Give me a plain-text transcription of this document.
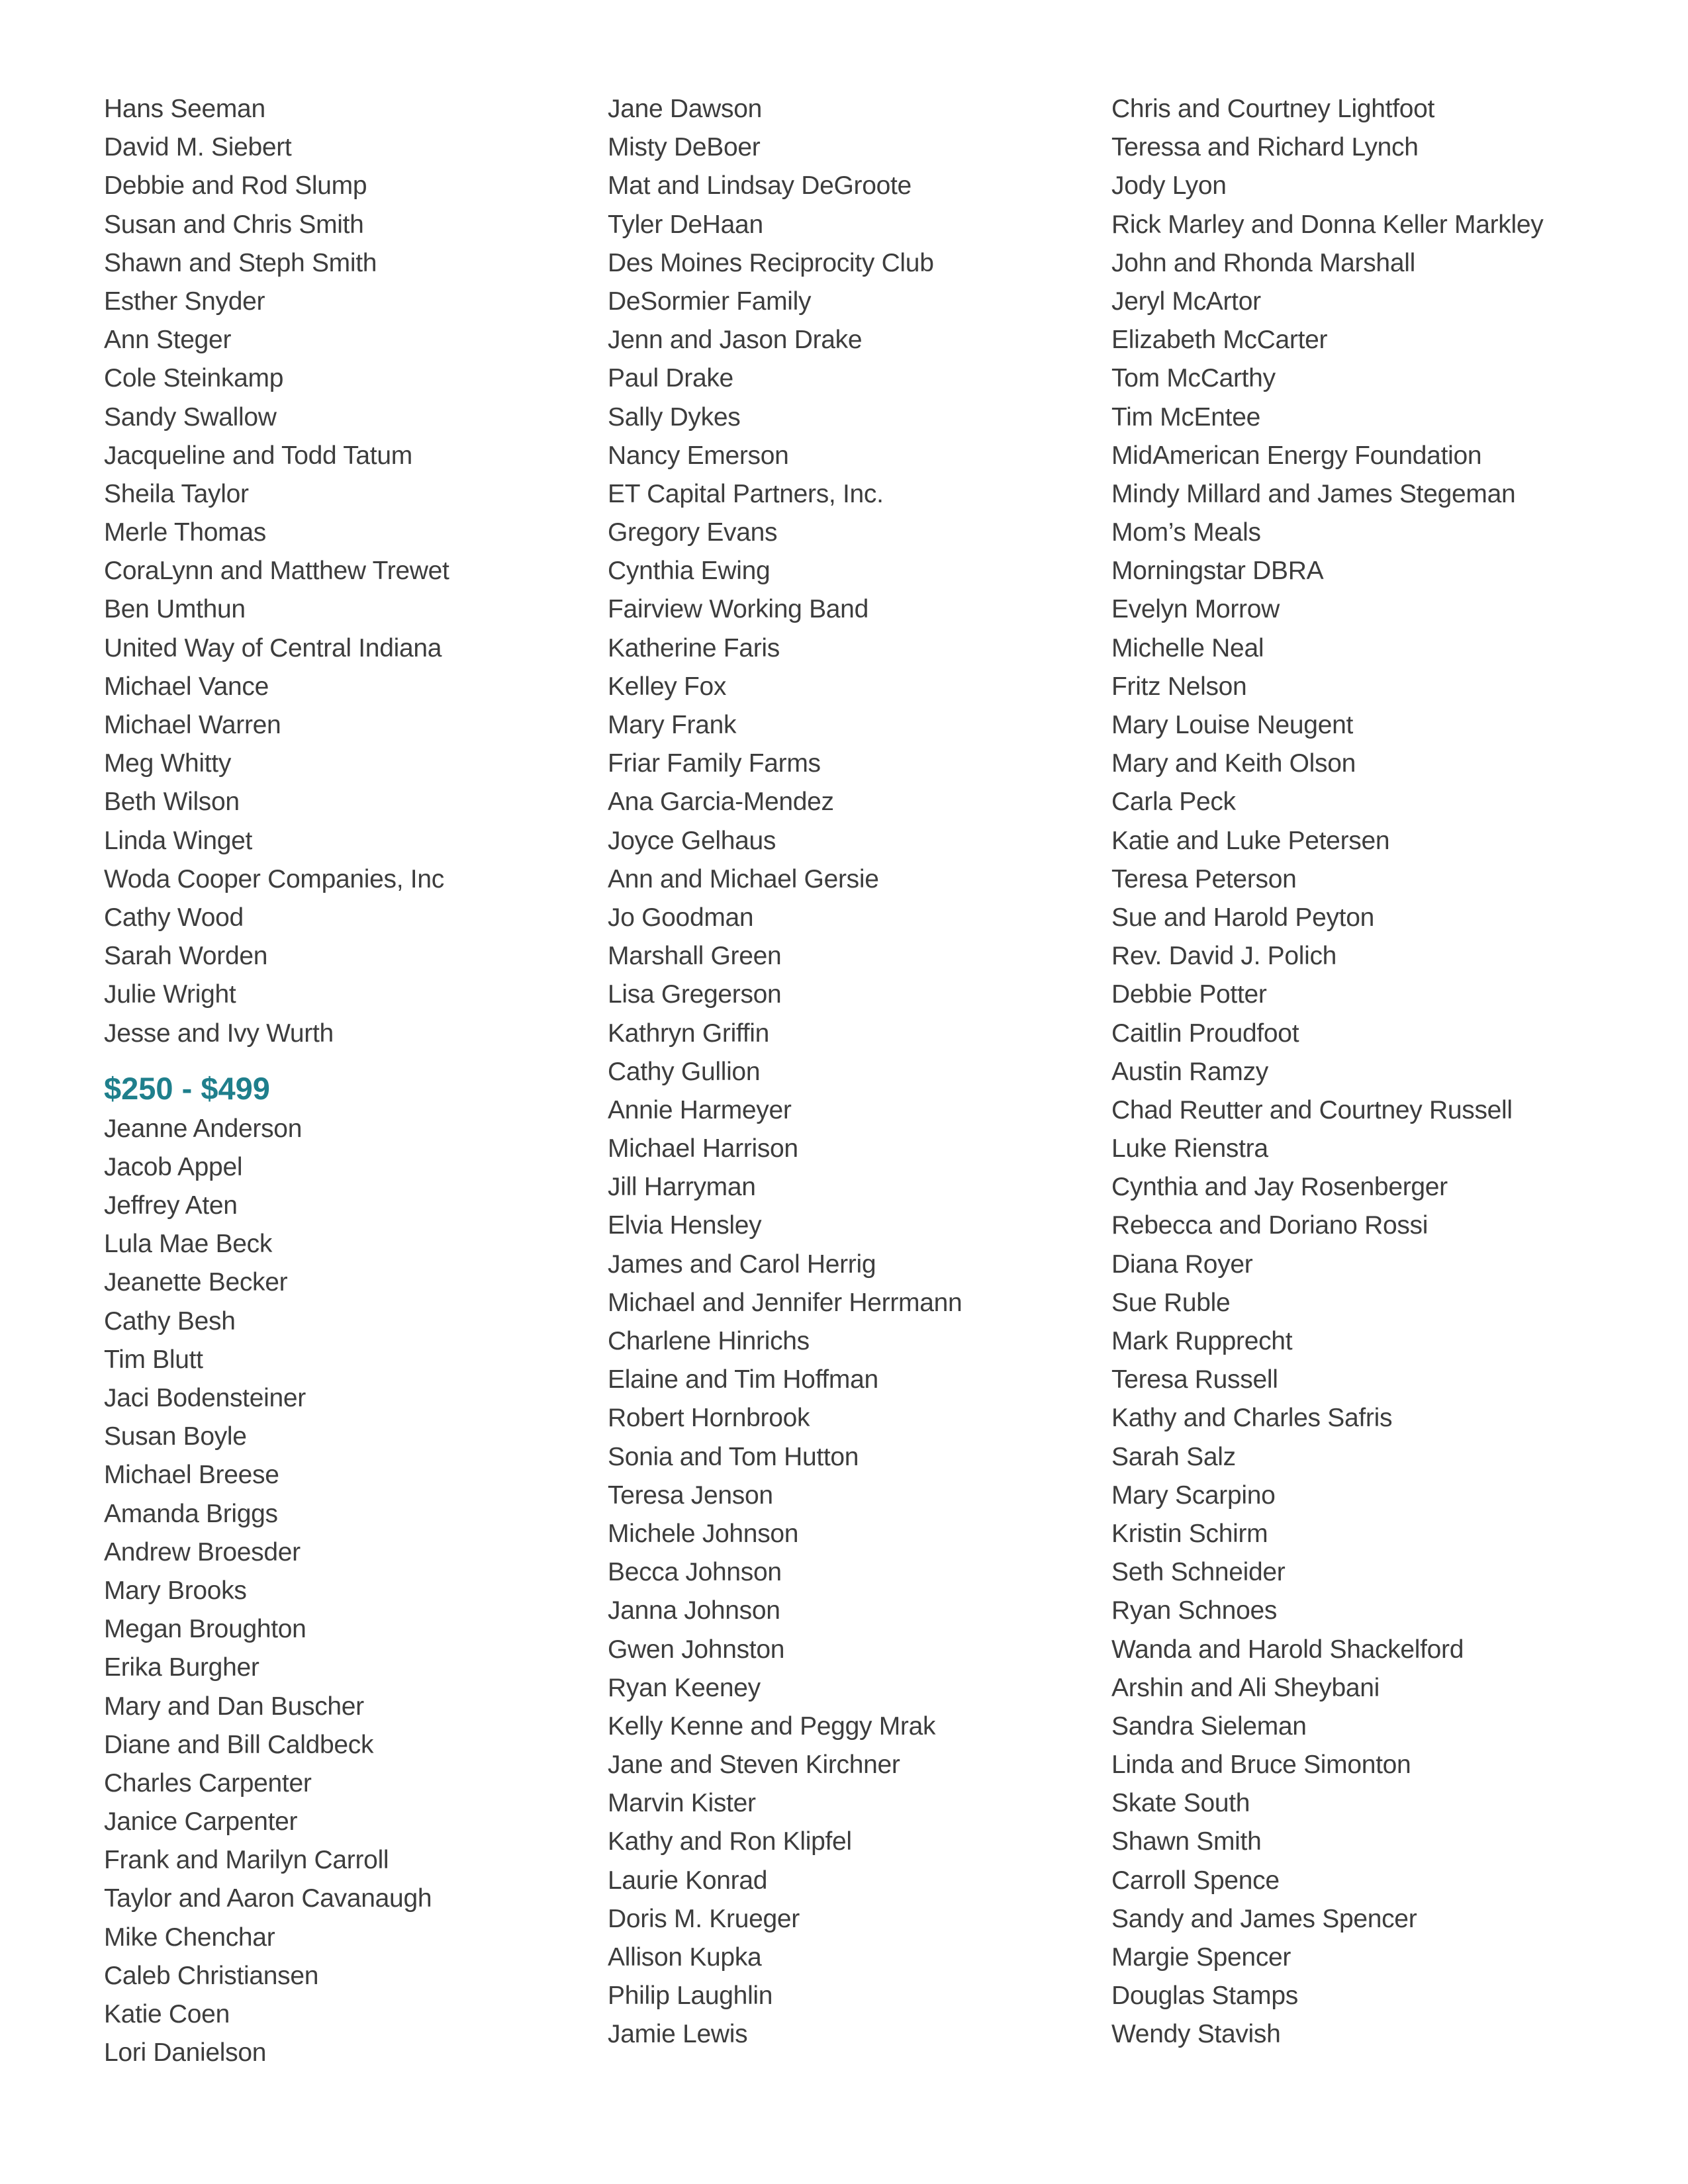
Hans Seeman
David M. Siebert
Debbie and Rod Slump
Susan and Chris Smith
Shawn and Steph Smith
Esther Snyder
Ann Steger
Cole Steinkamp
Sandy Swallow
Jacqueline and Todd Tatum
Sheila Taylor
Merle Thomas
CoraLynn and Matthew Trewet
Ben Umthun
United Way of Central Indiana
Michael Vance
Michael Warren
Meg Whitty
Beth Wilson
Linda Winget
Woda Cooper Companies, Inc
Cathy Wood
Sarah Worden
Julie Wright
Jesse and Ivy Wurth
$250 - $499
Jeanne Anderson
Jacob Appel
Jeffrey Aten
Lula Mae Beck
Jeanette Becker
Cathy Besh
Tim Blutt
Jaci Bodensteiner
Susan Boyle
Michael Breese
Amanda Briggs
Andrew Broesder
Mary Brooks
Megan Broughton
Erika Burgher
Mary and Dan Buscher
Diane and Bill Caldbeck
Charles Carpenter
Janice Carpenter
Frank and Marilyn Carroll
Taylor and Aaron Cavanaugh
Mike Chenchar
Caleb Christiansen
Katie Coen
Lori Danielson
Jane Dawson
Misty DeBoer
Mat and Lindsay DeGroote
Tyler DeHaan
Des Moines Reciprocity Club
DeSormier Family
Jenn and Jason Drake
Paul Drake
Sally Dykes
Nancy Emerson
ET Capital Partners, Inc.
Gregory Evans
Cynthia Ewing
Fairview Working Band
Katherine Faris
Kelley Fox
Mary Frank
Friar Family Farms
Ana Garcia-Mendez
Joyce Gelhaus
Ann and Michael Gersie
Jo Goodman
Marshall Green
Lisa Gregerson
Kathryn Griffin
Cathy Gullion
Annie Harmeyer
Michael Harrison
Jill Harryman
Elvia Hensley
James and Carol Herrig
Michael and Jennifer Herrmann
Charlene Hinrichs
Elaine and Tim Hoffman
Robert Hornbrook
Sonia and Tom Hutton
Teresa Jenson
Michele Johnson
Becca Johnson
Janna Johnson
Gwen Johnston
Ryan Keeney
Kelly Kenne and Peggy Mrak
Jane and Steven Kirchner
Marvin Kister
Kathy and Ron Klipfel
Laurie Konrad
Doris M. Krueger
Allison Kupka
Philip Laughlin
Jamie Lewis
Chris and Courtney Lightfoot
Teressa and Richard Lynch
Jody Lyon
Rick Marley and Donna Keller Markley
John and Rhonda Marshall
Jeryl McArtor
Elizabeth McCarter
Tom McCarthy
Tim McEntee
MidAmerican Energy Foundation
Mindy Millard and James Stegeman
Mom’s Meals
Morningstar DBRA
Evelyn Morrow
Michelle Neal
Fritz Nelson
Mary Louise Neugent
Mary and Keith Olson
Carla Peck
Katie and Luke Petersen
Teresa Peterson
Sue and Harold Peyton
Rev. David J. Polich
Debbie Potter
Caitlin Proudfoot
Austin Ramzy
Chad Reutter and Courtney Russell
Luke Rienstra
Cynthia and Jay Rosenberger
Rebecca and Doriano Rossi
Diana Royer
Sue Ruble
Mark Rupprecht
Teresa Russell
Kathy and Charles Safris
Sarah Salz
Mary Scarpino
Kristin Schirm
Seth Schneider
Ryan Schnoes
Wanda and Harold Shackelford
Arshin and Ali Sheybani
Sandra Sieleman
Linda and Bruce Simonton
Skate South
Shawn Smith
Carroll Spence
Sandy and James Spencer
Margie Spencer
Douglas Stamps
Wendy Stavish
